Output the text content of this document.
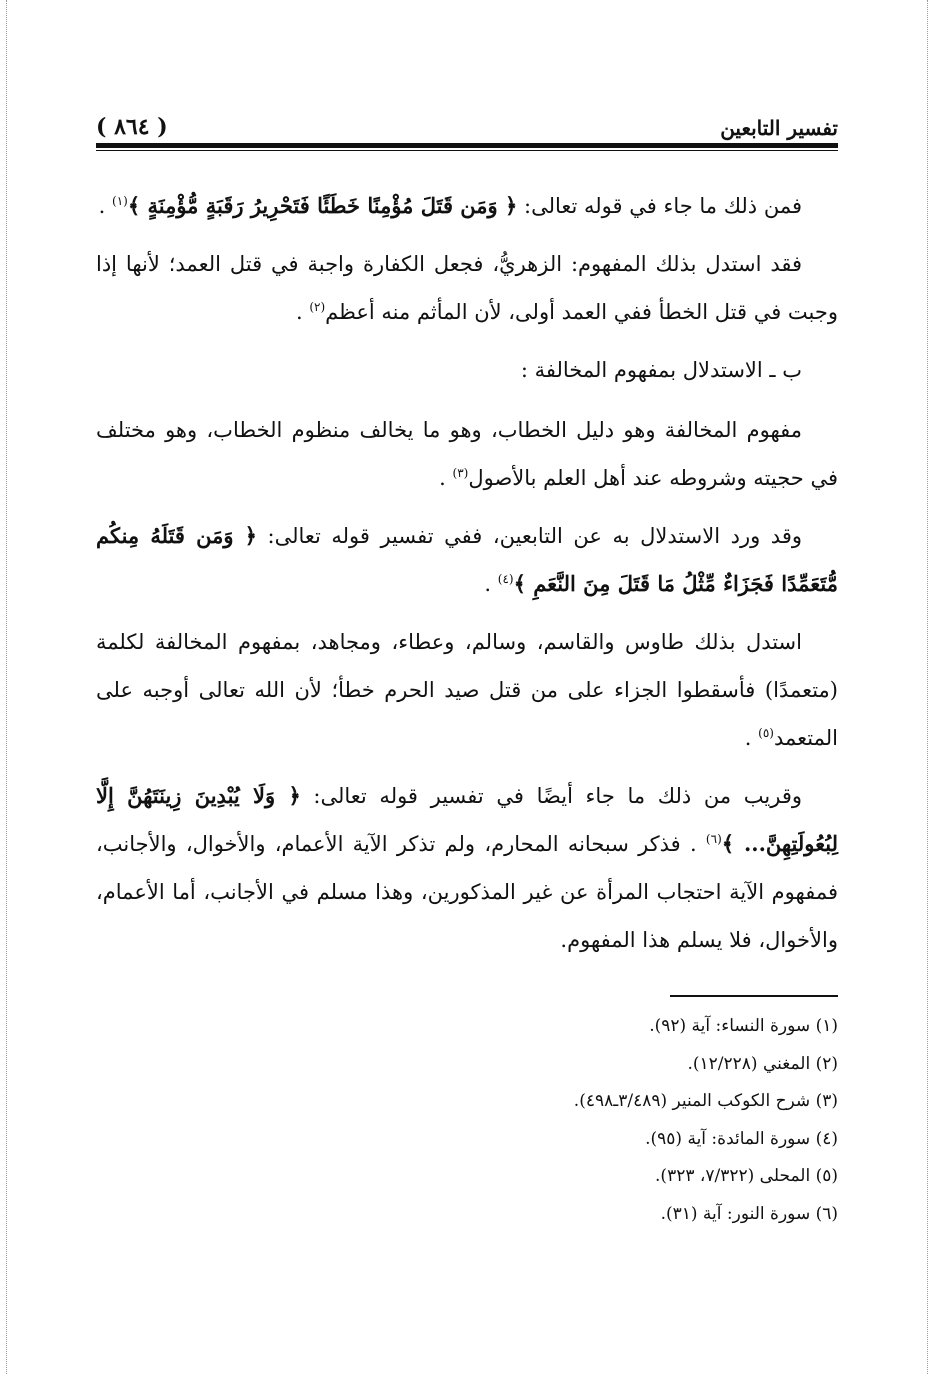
تفسير التابعين
( ٨٦٤ )

فمن ذلك ما جاء في قوله تعالى: ﴿ وَمَن قَتَلَ مُؤْمِنًا خَطَئًا فَتَحْرِيرُ رَقَبَةٍ مُّؤْمِنَةٍ ﴾$^{(١)}$ .

فقد استدل بذلك المفهوم: الزهريُّ، فجعل الكفارة واجبة في قتل العمد؛ لأنها إذا وجبت في قتل الخطأ ففي العمد أولى، لأن المأثم منه أعظم$^{(٢)}$ .

ب ـ الاستدلال بمفهوم المخالفة :

مفهوم المخالفة وهو دليل الخطاب، وهو ما يخالف منظوم الخطاب، وهو مختلف في حجيته وشروطه عند أهل العلم بالأصول$^{(٣)}$ .

وقد ورد الاستدلال به عن التابعين، ففي تفسير قوله تعالى: ﴿ وَمَن قَتَلَهُ مِنكُم مُّتَعَمِّدًا فَجَزَاءٌ مِّثْلُ مَا قَتَلَ مِنَ النَّعَمِ ﴾$^{(٤)}$ .

استدل بذلك طاوس والقاسم، وسالم، وعطاء، ومجاهد، بمفهوم المخالفة لكلمة (متعمدًا) فأسقطوا الجزاء على من قتل صيد الحرم خطأ؛ لأن الله تعالى أوجبه على المتعمد$^{(٥)}$ .

وقريب من ذلك ما جاء أيضًا في تفسير قوله تعالى: ﴿ وَلَا يُبْدِينَ زِينَتَهُنَّ إِلَّا لِبُعُولَتِهِنَّ... ﴾$^{(٦)}$ . فذكر سبحانه المحارم، ولم تذكر الآية الأعمام، والأخوال، والأجانب، فمفهوم الآية احتجاب المرأة عن غير المذكورين، وهذا مسلم في الأجانب، أما الأعمام، والأخوال، فلا يسلم هذا المفهوم.

(١) سورة النساء: آية (٩٢).

(٢) المغني (١٢/٢٢٨).

(٣) شرح الكوكب المنير (٣/٤٨٩ـ٤٩٨).

(٤) سورة المائدة: آية (٩٥).

(٥) المحلى (٧/٣٢٢، ٣٢٣).

(٦) سورة النور: آية (٣١).
